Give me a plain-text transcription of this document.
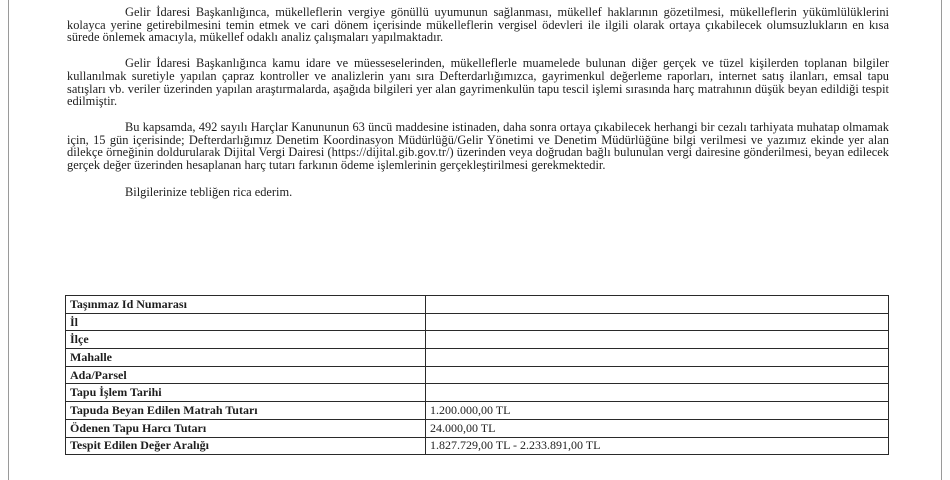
Gelir İdaresi Başkanlığınca, mükelleflerin vergiye gönüllü uyumunun sağlanması, mükellef haklarının gözetilmesi, mükelleflerin yükümlülüklerini kolayca yerine getirebilmesini temin etmek ve cari dönem içerisinde mükelleflerin vergisel ödevleri ile ilgili olarak ortaya çıkabilecek olumsuzlukların en kısa sürede önlemek amacıyla, mükellef odaklı analiz çalışmaları yapılmaktadır.

Gelir İdaresi Başkanlığınca kamu idare ve müesseselerinden, mükelleflerle muamelede bulunan diğer gerçek ve tüzel kişilerden toplanan bilgiler kullanılmak suretiyle yapılan çapraz kontroller ve analizlerin yanı sıra Defterdarlığımızca, gayrimenkul değerleme raporları, internet satış ilanları, emsal tapu satışları vb. veriler üzerinden yapılan araştırmalarda, aşağıda bilgileri yer alan gayrimenkulün tapu tescil işlemi sırasında harç matrahının düşük beyan edildiği tespit edilmiştir.

Bu kapsamda, 492 sayılı Harçlar Kanununun 63 üncü maddesine istinaden, daha sonra ortaya çıkabilecek herhangi bir cezalı tarhiyata muhatap olmamak için, 15 gün içerisinde; Defterdarlığımız Denetim Koordinasyon Müdürlüğü/Gelir Yönetimi ve Denetim Müdürlüğüne bilgi verilmesi ve yazımız ekinde yer alan dilekçe örneğinin doldurularak Dijital Vergi Dairesi (https://dijital.gib.gov.tr/) üzerinden veya doğrudan bağlı bulunulan vergi dairesine gönderilmesi, beyan edilecek gerçek değer üzerinden hesaplanan harç tutarı farkının ödeme işlemlerinin gerçekleştirilmesi gerekmektedir.

Bilgilerinize tebliğen rica ederim.

Taşınmaz Id Numarası	
İl	
İlçe	
Mahalle	
Ada/Parsel	
Tapu İşlem Tarihi	
Tapuda Beyan Edilen Matrah Tutarı	1.200.000,00 TL
Ödenen Tapu Harcı Tutarı	24.000,00 TL
Tespit Edilen Değer Aralığı	1.827.729,00 TL - 2.233.891,00 TL
